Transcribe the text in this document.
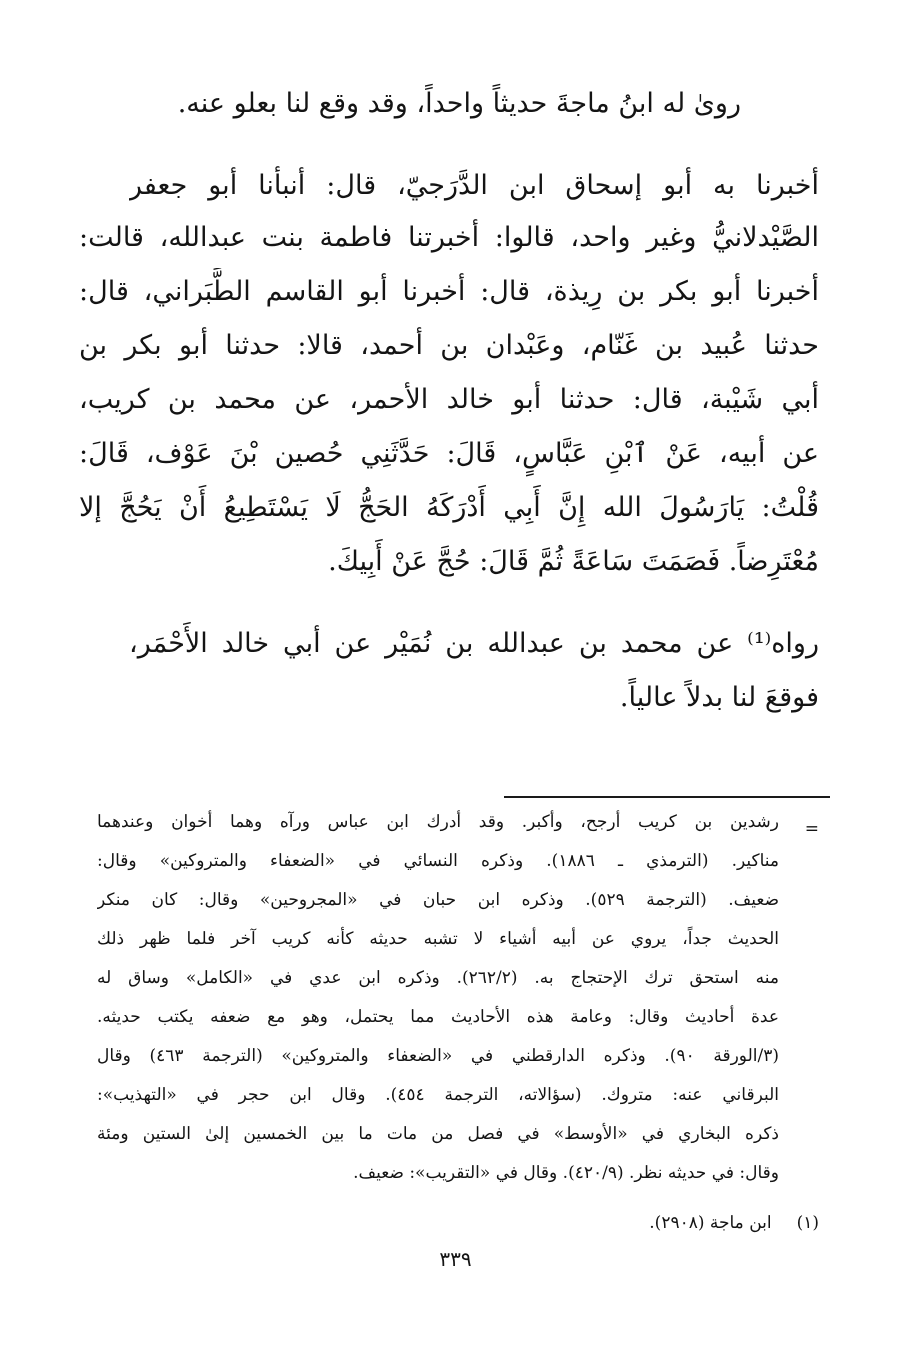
روىٰ له ابنُ ماجةَ حديثاً واحداً، وقد وقع لنا بعلو عنه.
أخبرنا به أبو إسحاق ابن الدَّرَجيّ، قال: أنبأنا أبو جعفر
الصَّيْدلانيُّ وغير واحد، قالوا: أخبرتنا فاطمة بنت عبدالله، قالت:
أخبرنا أبو بكر بن رِيذة، قال: أخبرنا أبو القاسم الطَّبَراني، قال:
حدثنا عُبيد بن غَنّام، وعَبْدان بن أحمد، قالا: حدثنا أبو بكر بن
أبي شَيْبة، قال: حدثنا أبو خالد الأحمر، عن محمد بن كريب،
عن أبيه، عَنْ ٱبْنِ عَبَّاسٍ، قَالَ: حَدَّثَنِي حُصين بْنَ عَوْف، قَالَ:
قُلْتُ: يَارَسُولَ الله إِنَّ أَبِي أَدْرَكَهُ الحَجُّ لَا يَسْتَطِيعُ أَنْ يَحُجَّ إلا
مُعْتَرِضاً. فَصَمَتَ سَاعَةً ثُمَّ قَالَ: حُجَّ عَنْ أَبِيكَ.
رواه⁽¹⁾ عن محمد بن عبدالله بن نُمَيْر عن أبي خالد الأَحْمَر،
فوقعَ لنا بدلاً عالياً.
=
رشدين بن كريب أرجح، وأكبر. وقد أدرك ابن عباس ورآه وهما أخوان وعندهما
مناكير. (الترمذي ـ ١٨٨٦). وذكره النسائي في «الضعفاء والمتروكين» وقال:
ضعيف. (الترجمة ٥٢٩). وذكره ابن حبان في «المجروحين» وقال: كان منكر
الحديث جداً، يروي عن أبيه أشياء لا تشبه حديثه كأنه كريب آخر فلما ظهر ذلك
منه استحق ترك الإحتجاج به. (٢٦٢/٢). وذكره ابن عدي في «الكامل» وساق له
عدة أحاديث وقال: وعامة هذه الأحاديث مما يحتمل، وهو مع ضعفه يكتب حديثه.
(٣/الورقة ٩٠). وذكره الدارقطني في «الضعفاء والمتروكين» (الترجمة ٤٦٣) وقال
البرقاني عنه: متروك. (سؤالاته، الترجمة ٤٥٤). وقال ابن حجر في «التهذيب»:
ذكره البخاري في «الأوسط» في فصل من مات ما بين الخمسين إلىٰ الستين ومئة
وقال: في حديثه نظر. (٤٢٠/٩). وقال في «التقريب»: ضعيف.
(١) ابن ماجة (٢٩٠٨).
٣٣٩
